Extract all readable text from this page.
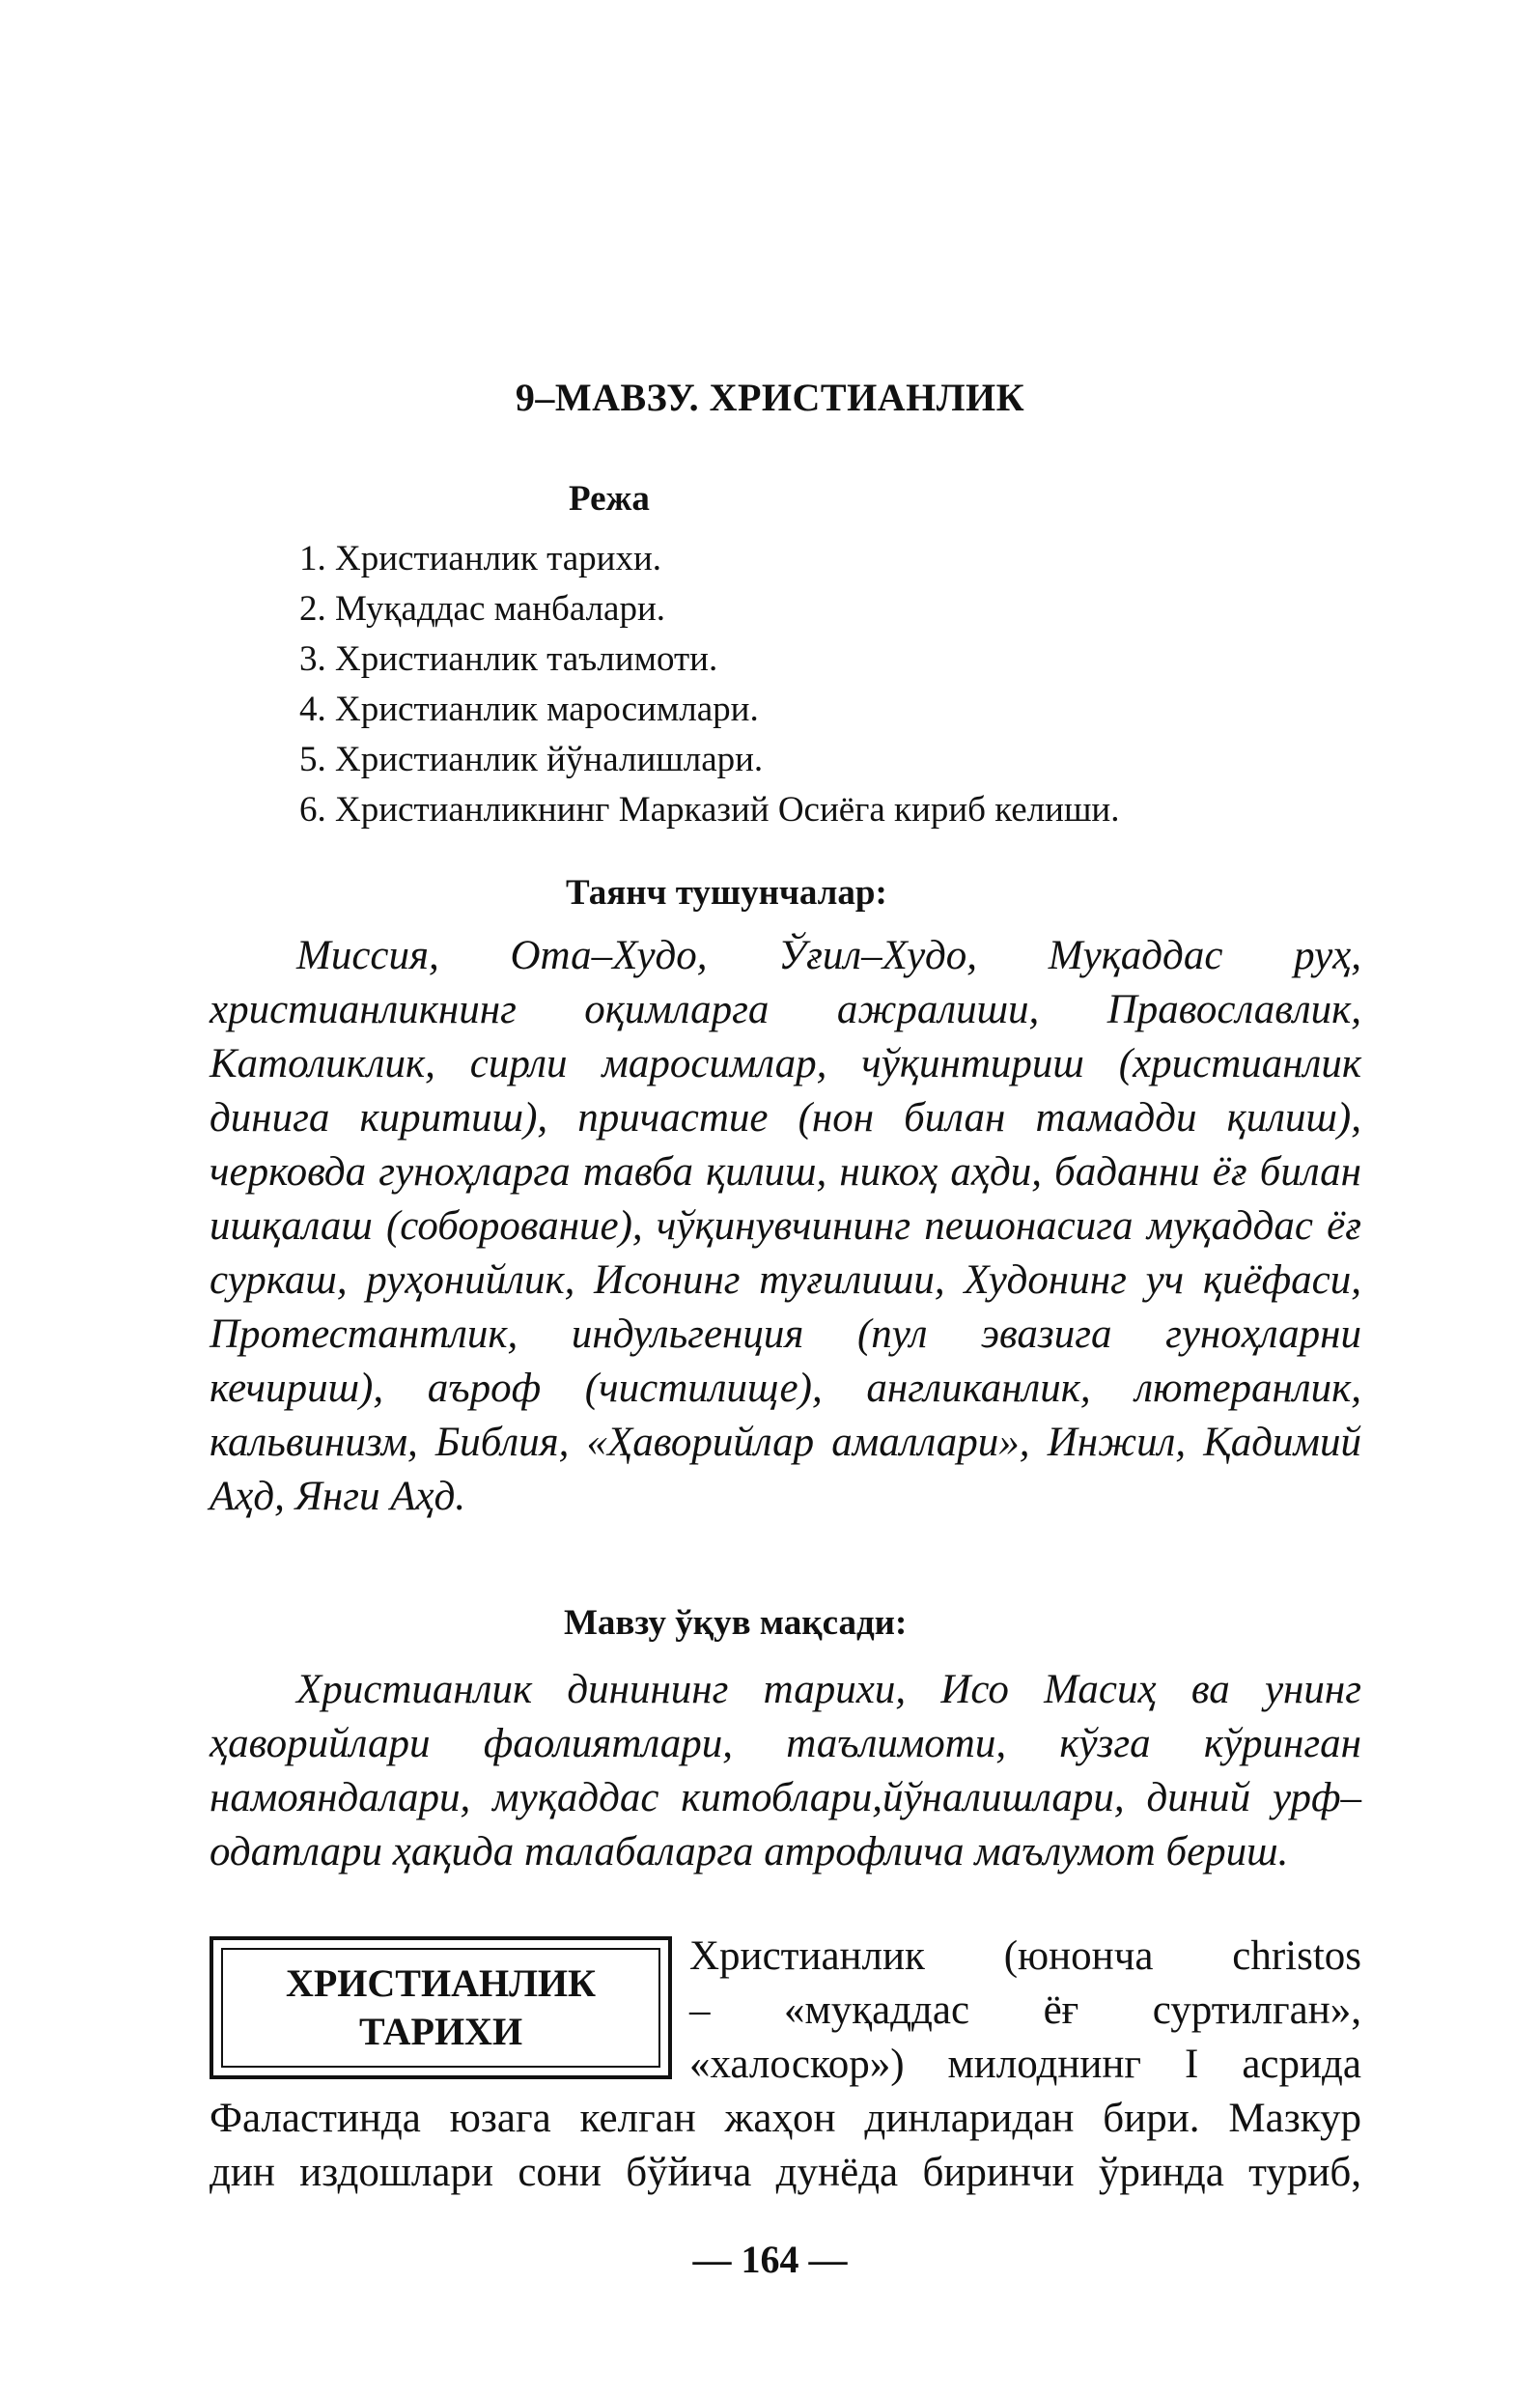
9–МАВЗУ. ХРИСТИАНЛИК
Режа
1. Христианлик тарихи.
2. Муқаддас манбалари.
3. Христианлик таълимоти.
4. Христианлик маросимлари.
5. Христианлик йўналишлари.
6. Христианликнинг Марказий Осиёга кириб келиши.
Таянч тушунчалар:

Миссия, Ота–Худо, Ўғил–Худо, Муқаддас руҳ, христианликнинг оқимларга ажралиши, Православлик, Католиклик, сирли маросимлар, чўқинтириш (христианлик динига киритиш), причастие (нон билан тамадди қилиш), черковда гуноҳларга тавба қилиш, никоҳ аҳди, баданни ёғ билан ишқалаш (соборование), чўқинувчининг пешонасига муқаддас ёғ суркаш, руҳонийлик, Исонинг туғилиши, Худонинг уч қиёфаси, Протестантлик, индульгенция (пул эвазига гуноҳларни кечириш), аъроф (чистилище), англиканлик, лютеранлик, кальвинизм, Библия, «Ҳаворийлар амаллари», Инжил, Қадимий Аҳд, Янги Аҳд.

Мавзу ўқув мақсади:

Христианлик динининг тарихи, Исо Масиҳ ва унинг ҳаворийлари фаолиятлари, таълимоти, кўзга кўринган намояндалари, муқаддас китоблари,йўналишлари, диний урф–одатлари ҳақида талабаларга атрофлича маълумот бериш.

ХРИСТИАНЛИК
ТАРИХИ
Христианлик (юнонча christos
– «муқаддас ёғ суртилган»,
«халоскор») милоднинг I асрида
Фаластинда юзага келган жаҳон динларидан бири. Мазкур
дин издошлари сони бўйича дунёда биринчи ўринда туриб,
— 164 —
